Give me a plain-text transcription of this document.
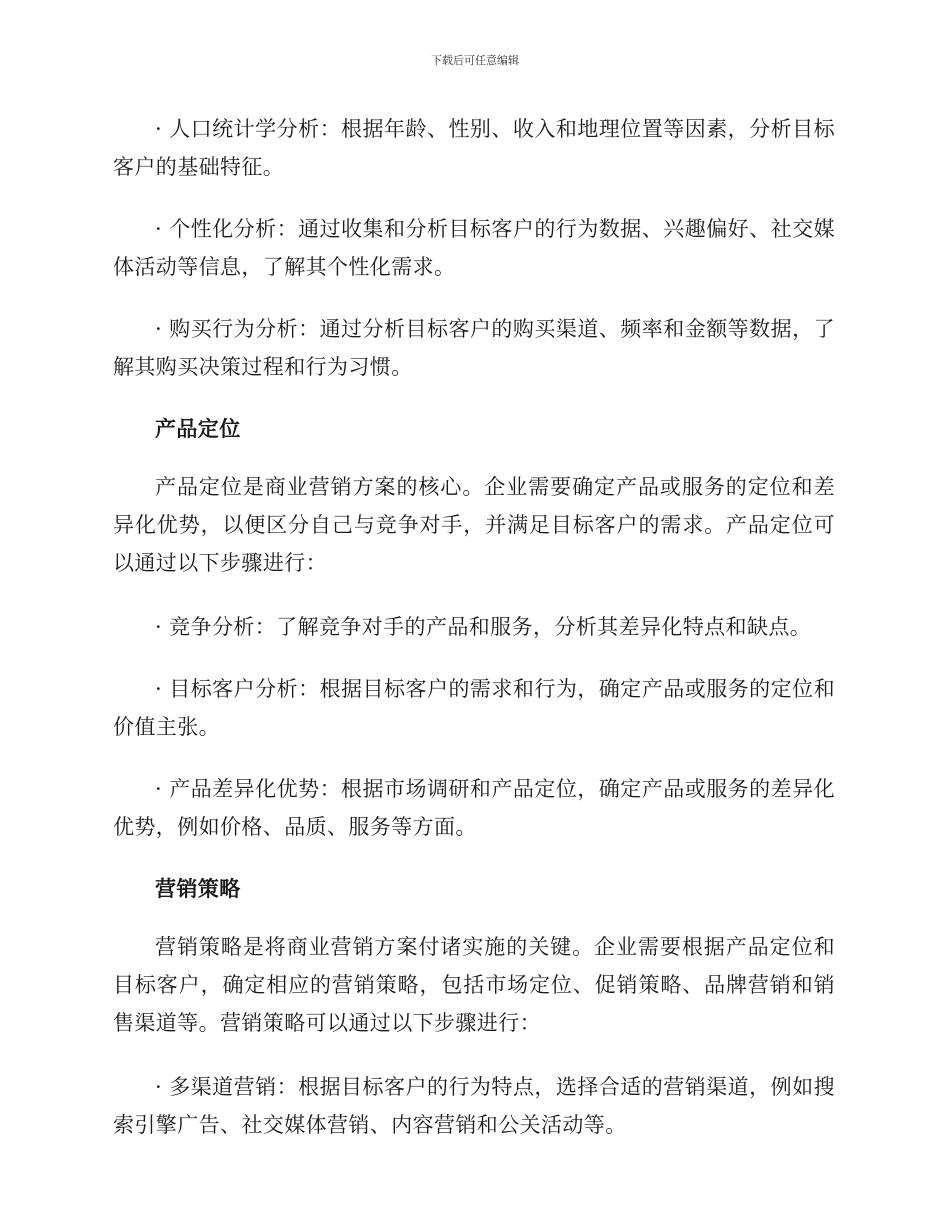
下载后可任意编辑

· 人口统计学分析：根据年龄、性别、收入和地理位置等因素，分析目标客户的基础特征。

· 个性化分析：通过收集和分析目标客户的行为数据、兴趣偏好、社交媒体活动等信息，了解其个性化需求。

· 购买行为分析：通过分析目标客户的购买渠道、频率和金额等数据，了解其购买决策过程和行为习惯。

产品定位

产品定位是商业营销方案的核心。企业需要确定产品或服务的定位和差异化优势，以便区分自己与竞争对手，并满足目标客户的需求。产品定位可以通过以下步骤进行：

· 竞争分析：了解竞争对手的产品和服务，分析其差异化特点和缺点。

· 目标客户分析：根据目标客户的需求和行为，确定产品或服务的定位和价值主张。

· 产品差异化优势：根据市场调研和产品定位，确定产品或服务的差异化优势，例如价格、品质、服务等方面。

营销策略

营销策略是将商业营销方案付诸实施的关键。企业需要根据产品定位和目标客户，确定相应的营销策略，包括市场定位、促销策略、品牌营销和销售渠道等。营销策略可以通过以下步骤进行：

· 多渠道营销：根据目标客户的行为特点，选择合适的营销渠道，例如搜索引擎广告、社交媒体营销、内容营销和公关活动等。
